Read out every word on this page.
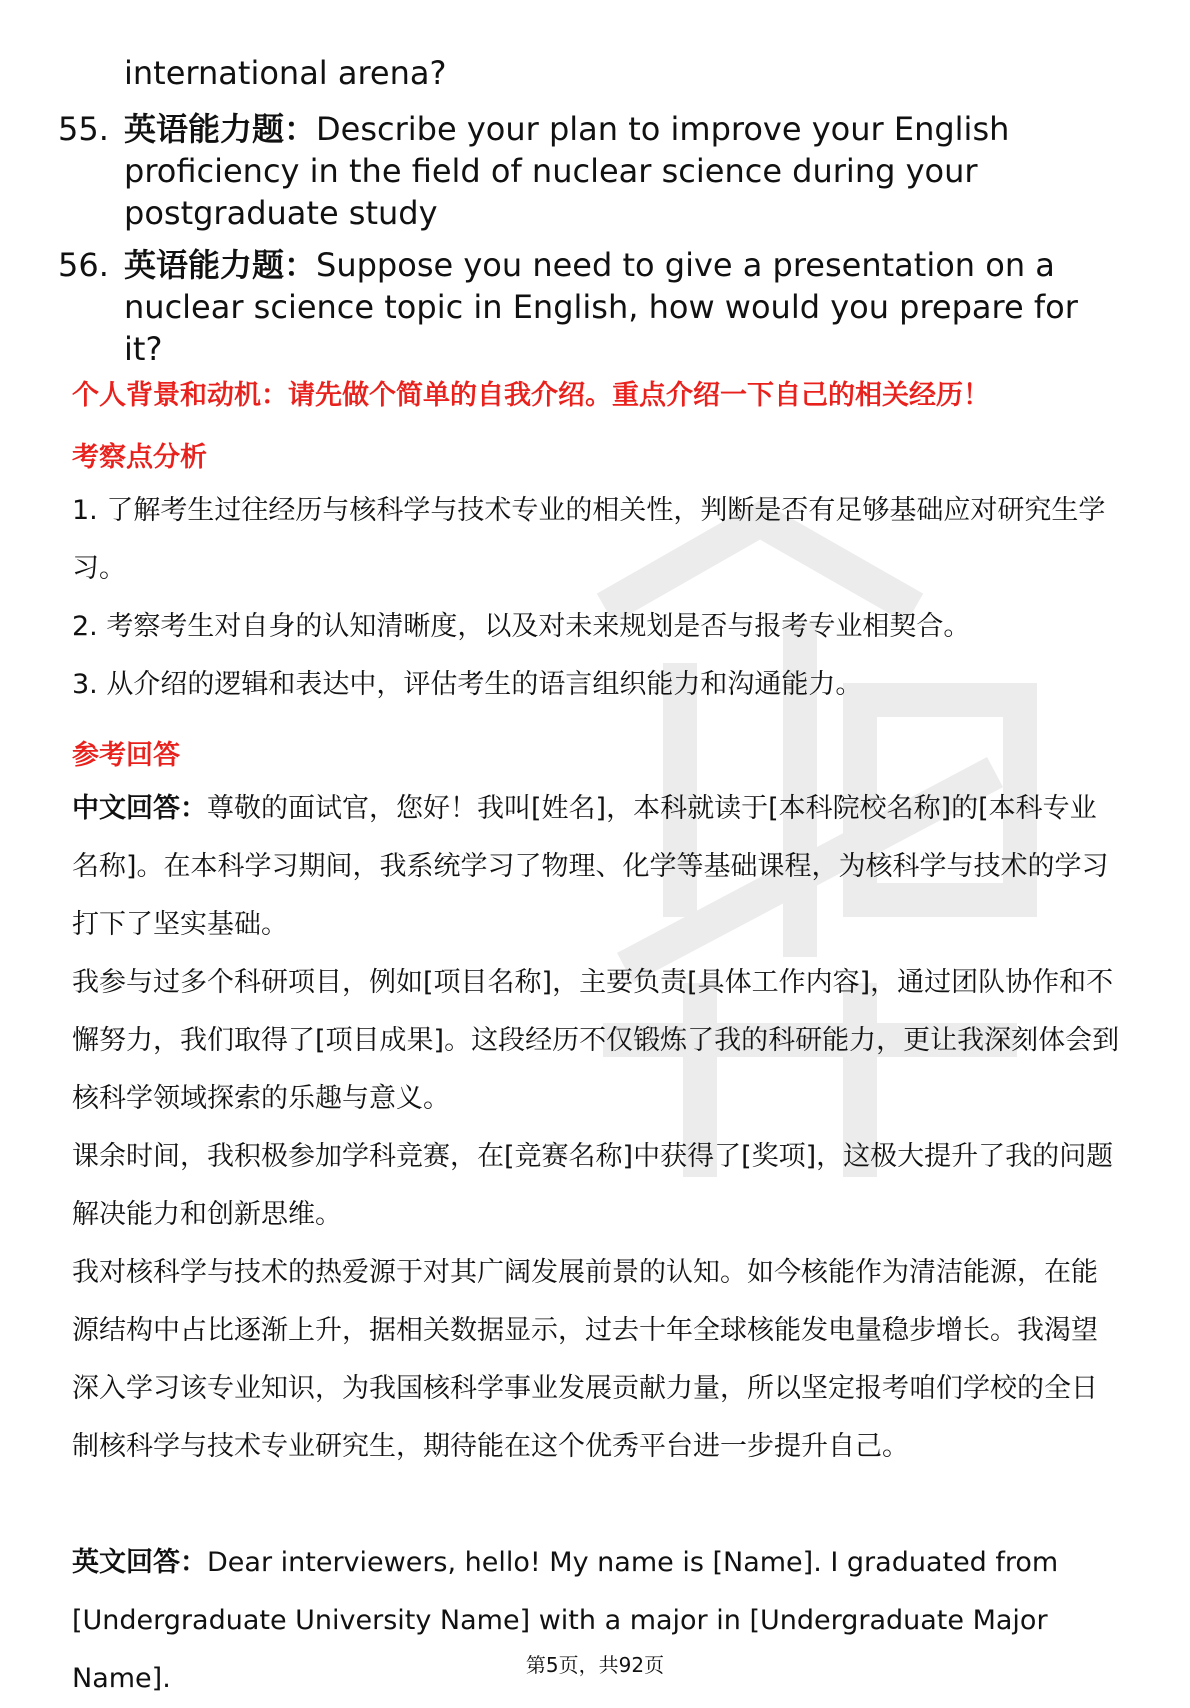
international arena?
55. 英语能力题：Describe your plan to improve your English proficiency in the field of nuclear science during your postgraduate study
56. 英语能力题：Suppose you need to give a presentation on a nuclear science topic in English, how would you prepare for it?
个人背景和动机：请先做个简单的自我介绍。重点介绍一下自己的相关经历！
考察点分析
1. 了解考生过往经历与核科学与技术专业的相关性，判断是否有足够基础应对研究生学习。
2. 考察考生对自身的认知清晰度，以及对未来规划是否与报考专业相契合。
3. 从介绍的逻辑和表达中，评估考生的语言组织能力和沟通能力。
参考回答
中文回答：尊敬的面试官，您好！我叫[姓名]，本科就读于[本科院校名称]的[本科专业名称]。在本科学习期间，我系统学习了物理、化学等基础课程，为核科学与技术的学习打下了坚实基础。
我参与过多个科研项目，例如[项目名称]，主要负责[具体工作内容]，通过团队协作和不懈努力，我们取得了[项目成果]。这段经历不仅锻炼了我的科研能力，更让我深刻体会到核科学领域探索的乐趣与意义。
课余时间，我积极参加学科竞赛，在[竞赛名称]中获得了[奖项]，这极大提升了我的问题解决能力和创新思维。
我对核科学与技术的热爱源于对其广阔发展前景的认知。如今核能作为清洁能源，在能源结构中占比逐渐上升，据相关数据显示，过去十年全球核能发电量稳步增长。我渴望深入学习该专业知识，为我国核科学事业发展贡献力量，所以坚定报考咱们学校的全日制核科学与技术专业研究生，期待能在这个优秀平台进一步提升自己。
英文回答：Dear interviewers, hello! My name is [Name]. I graduated from [Undergraduate University Name] with a major in [Undergraduate Major Name].	第5页，共92页
